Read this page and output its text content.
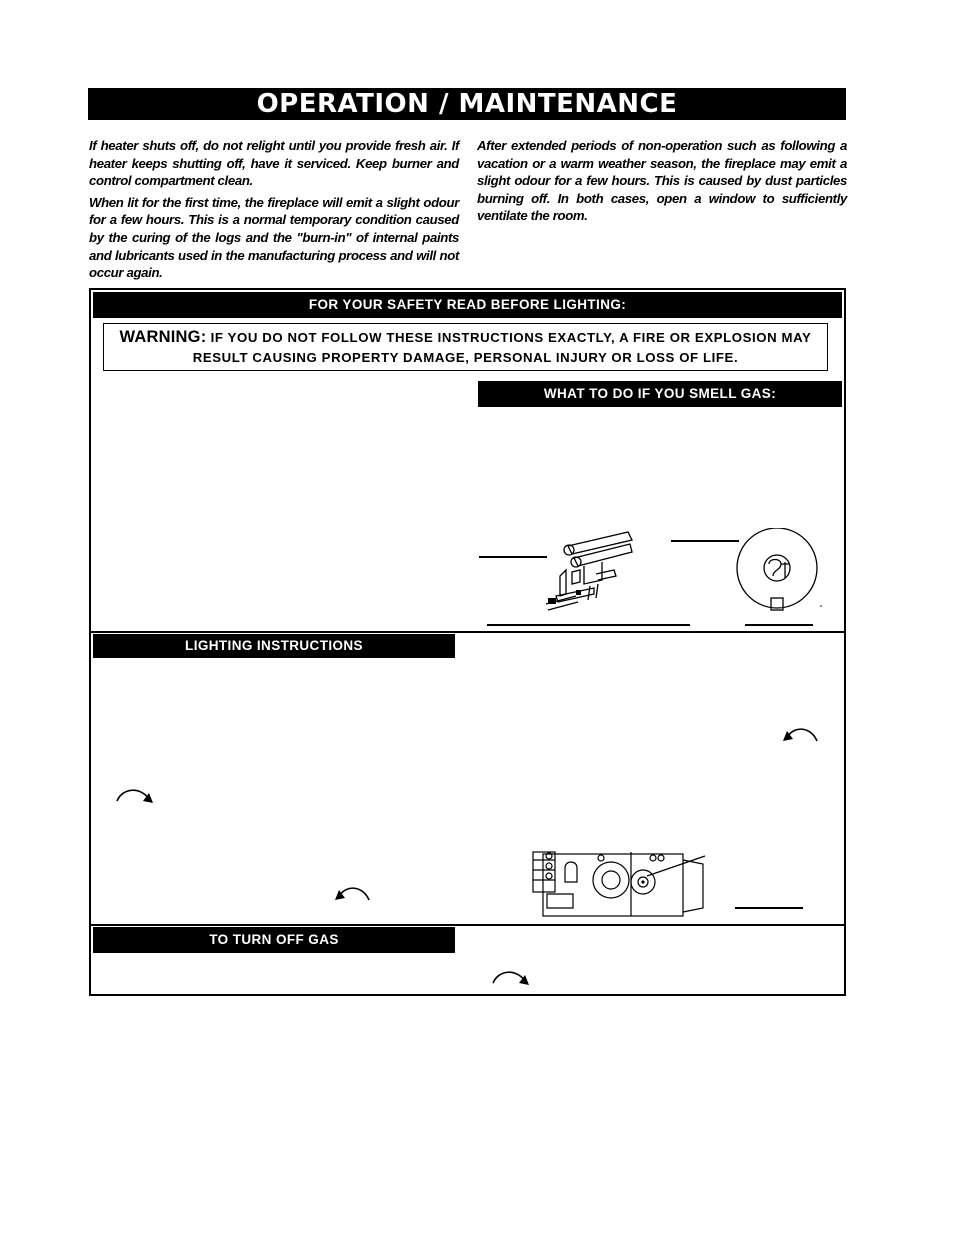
OPERATION / MAINTENANCE

If heater shuts off, do not relight until you provide fresh air. If heater keeps shutting off, have it serviced. Keep burner and control compartment clean.

When lit for the first time, the fireplace will emit a slight odour for a few hours. This is a normal temporary condition caused by the curing of the logs and the "burn-in" of internal paints and lubricants used in the manufacturing process and will not occur again.

After extended periods of non-operation such as following a vacation or a warm weather season, the fireplace may emit a slight odour for a few hours. This is caused by dust particles burning off. In both cases, open a window to sufficiently ventilate the room.

FOR YOUR SAFETY READ BEFORE LIGHTING:
WARNING: IF YOU DO NOT FOLLOW THESE INSTRUCTIONS EXACTLY, A FIRE OR EXPLOSION MAY RESULT CAUSING PROPERTY DAMAGE, PERSONAL INJURY OR LOSS OF LIFE.
WHAT TO DO IF YOU SMELL GAS:
LIGHTING INSTRUCTIONS
TO TURN OFF GAS
